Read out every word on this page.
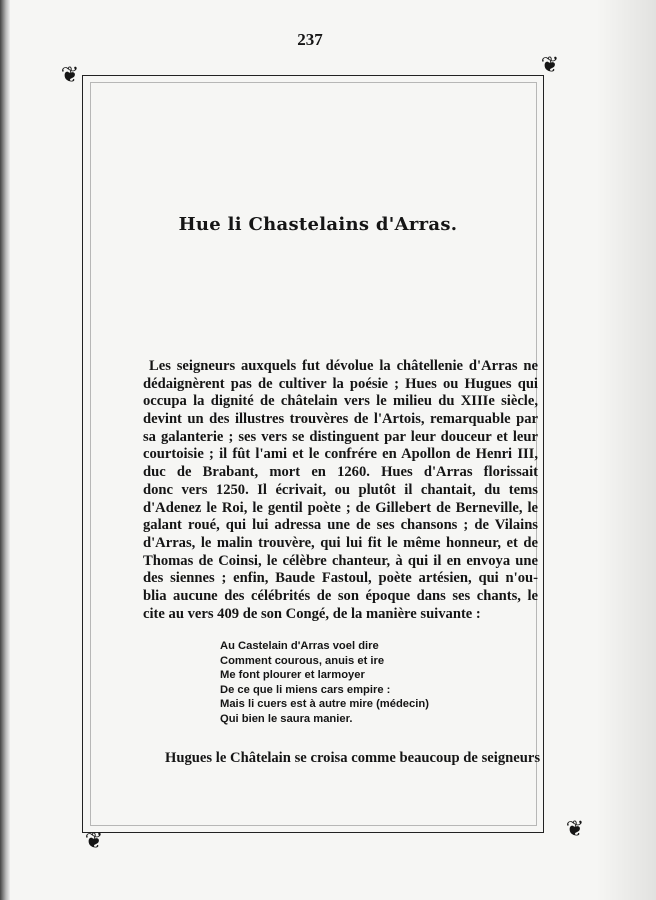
237
❦	❦
❦	❦
Hue li Chastelains d'Arras.
Les seigneurs auxquels fut dévolue la châtellenie d'Arras ne
dédaignèrent pas de cultiver la poésie ; Hues ou Hugues qui
occupa la dignité de châtelain vers le milieu du XIIIe siècle,
devint un des illustres trouvères de l'Artois, remarquable par
sa galanterie ; ses vers se distinguent par leur douceur et leur
courtoisie ; il fût l'ami et le confrére en Apollon de Henri III,
duc de Brabant, mort en 1260. Hues d'Arras florissait
donc vers 1250. Il écrivait, ou plutôt il chantait, du tems
d'Adenez le Roi, le gentil poète ; de Gillebert de Berneville, le
galant roué, qui lui adressa une de ses chansons ; de Vilains
d'Arras, le malin trouvère, qui lui fit le même honneur, et de
Thomas de Coinsi, le célèbre chanteur, à qui il en envoya une
des siennes ; enfin, Baude Fastoul, poète artésien, qui n'ou-
blia aucune des célébrités de son époque dans ses chants, le
cite au vers 409 de son Congé, de la manière suivante :
Au Castelain d'Arras voel dire
Comment courous, anuis et ire
Me font plourer et larmoyer
De ce que li miens cars empire :
Mais li cuers est à autre mire (médecin)
Qui bien le saura manier.
Hugues le Châtelain se croisa comme beaucoup de seigneurs
